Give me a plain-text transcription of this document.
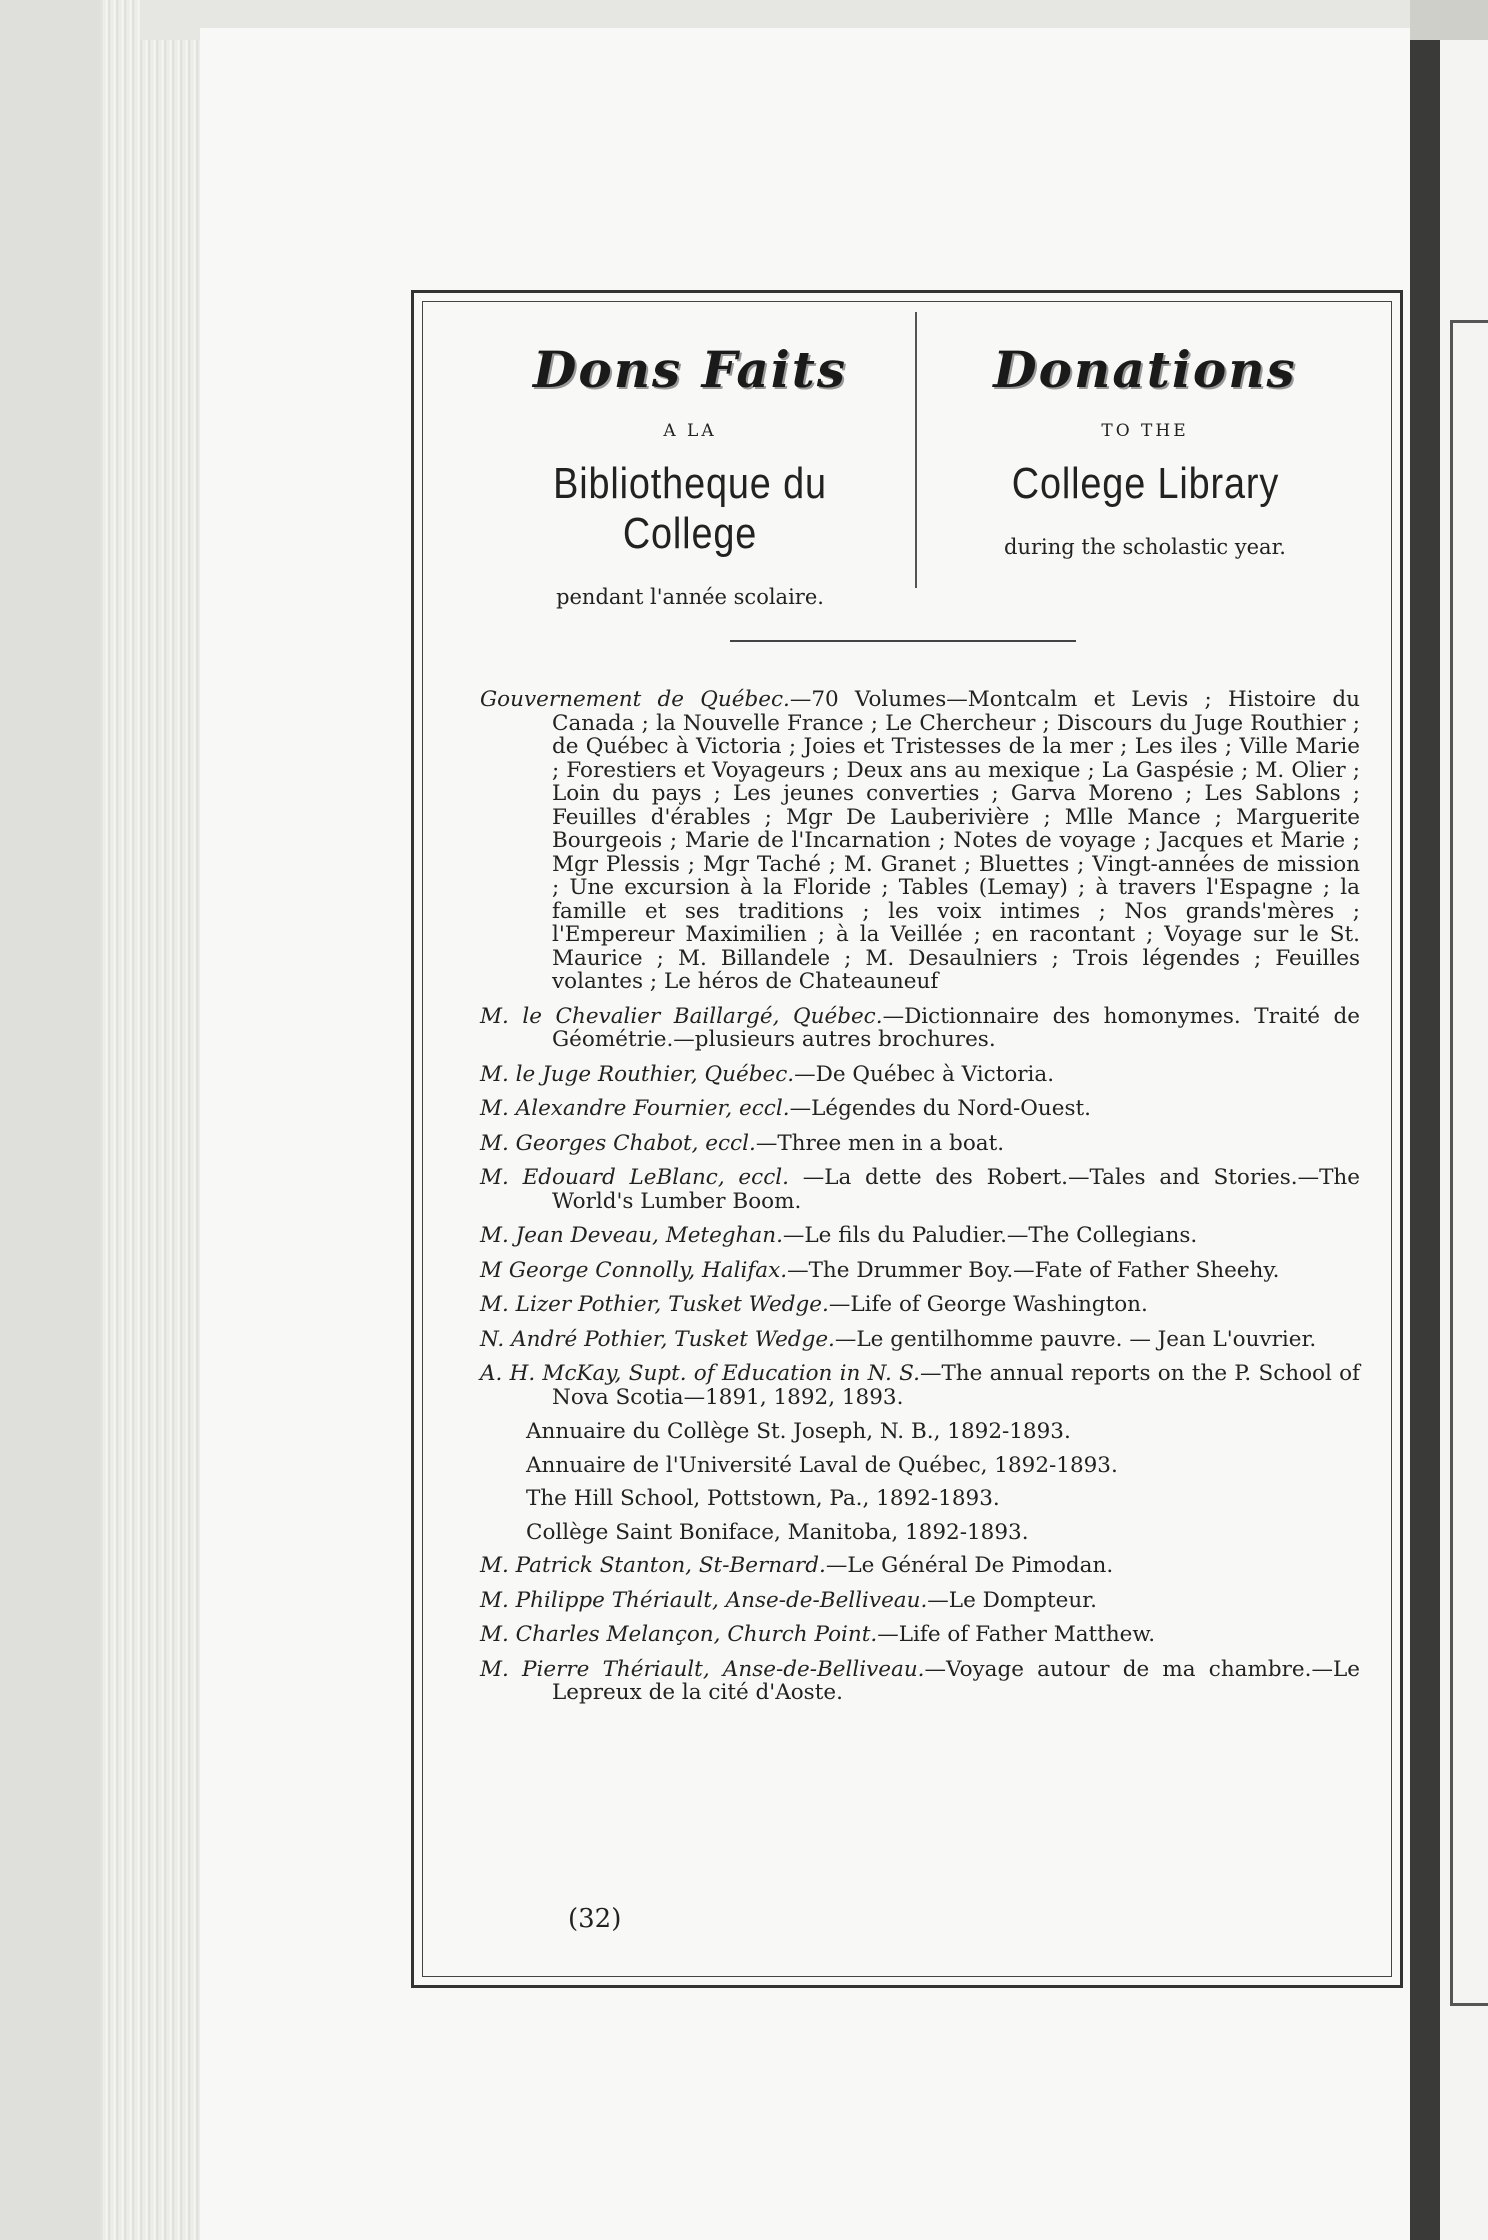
Dons Faits
A LA
Bibliotheque du College
pendant l'année scolaire.
Donations
TO THE
College Library
during the scholastic year.
Gouvernement de Québec.—70 Volumes—Montcalm et Levis ; Histoire du Canada ; la Nouvelle France ; Le Chercheur ; Discours du Juge Routhier ; de Québec à Victoria ; Joies et Tristesses de la mer ; Les iles ; Ville Marie ; Forestiers et Voyageurs ; Deux ans au mexique ; La Gaspésie ; M. Olier ; Loin du pays ; Les jeunes converties ; Garva Moreno ; Les Sablons ; Feuilles d'érables ; Mgr De Lauberivière ; Mlle Mance ; Marguerite Bourgeois ; Marie de l'Incarnation ; Notes de voyage ; Jacques et Marie ; Mgr Plessis ; Mgr Taché ; M. Granet ; Bluettes ; Vingt-années de mission ; Une excursion à la Floride ; Tables (Lemay) ; à travers l'Espagne ; la famille et ses traditions ; les voix intimes ; Nos grands'mères ; l'Empereur Maximilien ; à la Veillée ; en racontant ; Voyage sur le St. Maurice ; M. Billandele ; M. Desaulniers ; Trois légendes ; Feuilles volantes ; Le héros de Chateauneuf
M. le Chevalier Baillargé, Québec.—Dictionnaire des homonymes. Traité de Géométrie.—plusieurs autres brochures.
M. le Juge Routhier, Québec.—De Québec à Victoria.
M. Alexandre Fournier, eccl.—Légendes du Nord-Ouest.
M. Georges Chabot, eccl.—Three men in a boat.
M. Edouard LeBlanc, eccl. —La dette des Robert.—Tales and Stories.—The World's Lumber Boom.
M. Jean Deveau, Meteghan.—Le fils du Paludier.—The Collegians.
M George Connolly, Halifax.—The Drummer Boy.—Fate of Father Sheehy.
M. Lizer Pothier, Tusket Wedge.—Life of George Washington.
N. André Pothier, Tusket Wedge.—Le gentilhomme pauvre. — Jean L'ouvrier.
A. H. McKay, Supt. of Education in N. S.—The annual reports on the P. School of Nova Scotia—1891, 1892, 1893.
Annuaire du Collège St. Joseph, N. B., 1892-1893.
Annuaire de l'Université Laval de Québec, 1892-1893.
The Hill School, Pottstown, Pa., 1892-1893.
Collège Saint Boniface, Manitoba, 1892-1893.
M. Patrick Stanton, St-Bernard.—Le Général De Pimodan.
M. Philippe Thériault, Anse-de-Belliveau.—Le Dompteur.
M. Charles Melançon, Church Point.—Life of Father Matthew.
M. Pierre Thériault, Anse-de-Belliveau.—Voyage autour de ma chambre.—Le Lepreux de la cité d'Aoste.
(32)
